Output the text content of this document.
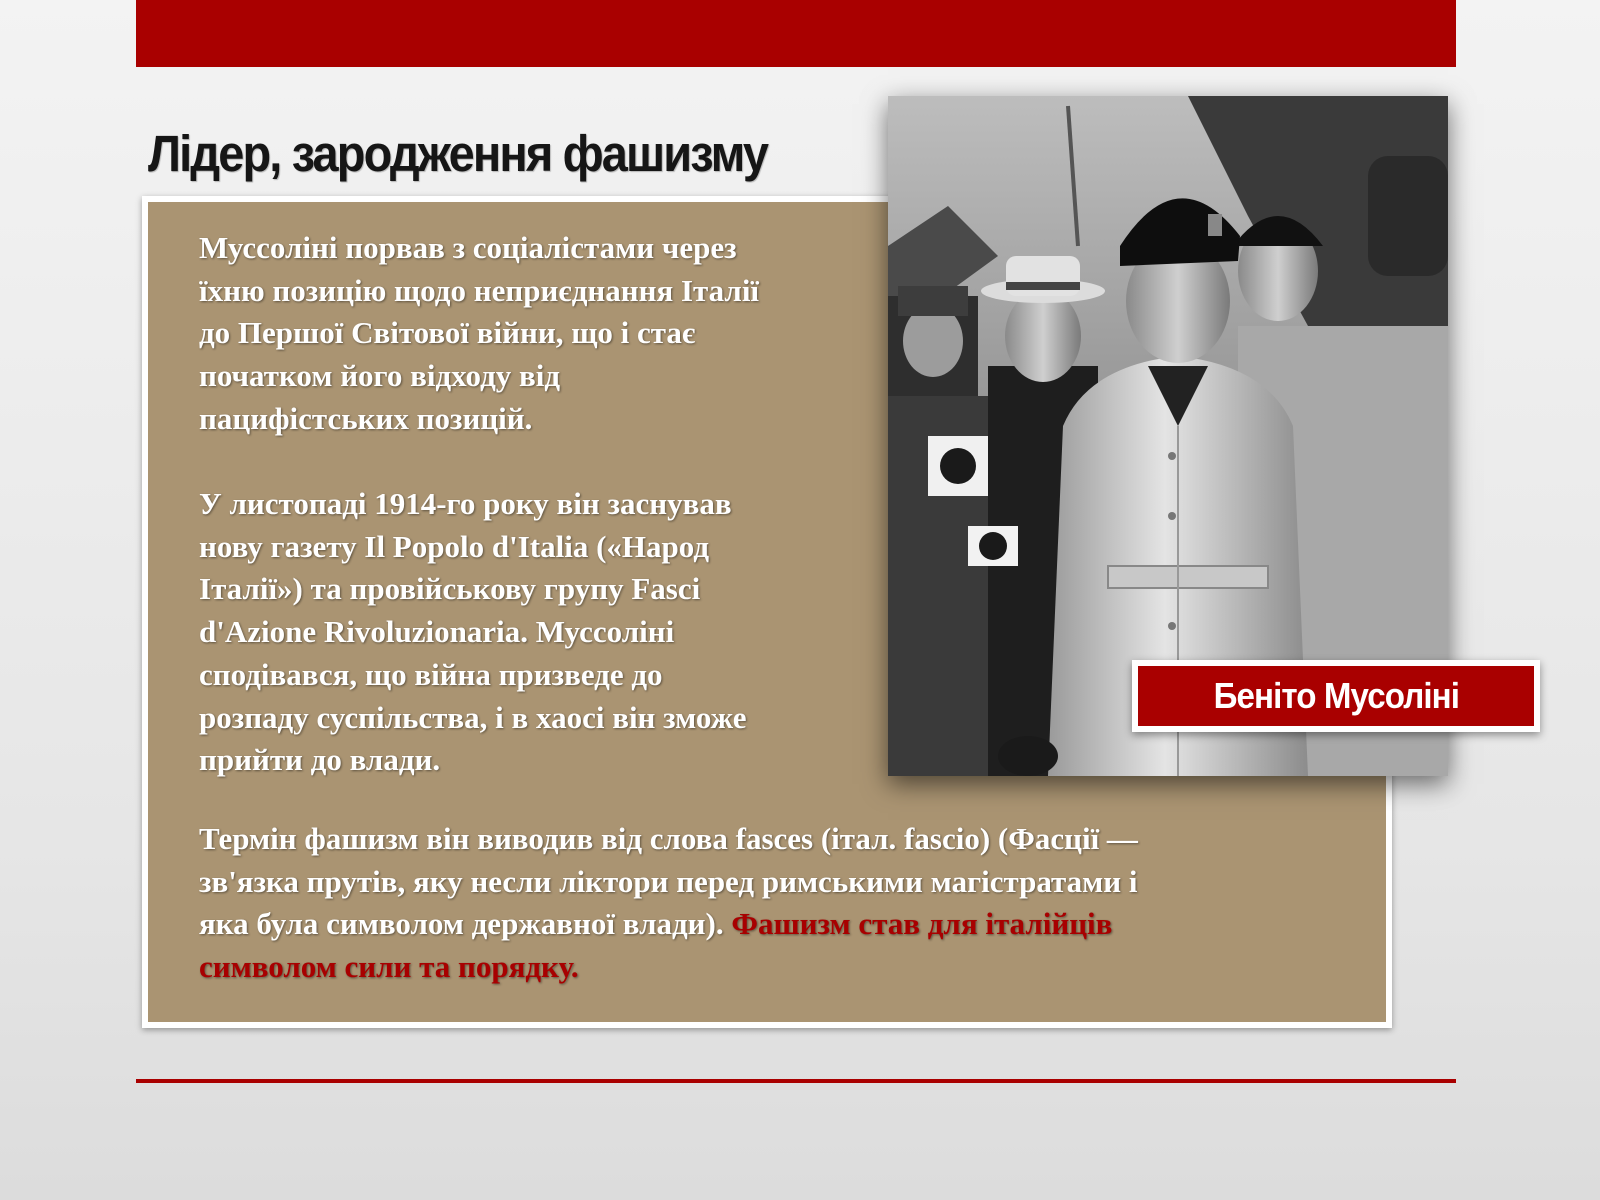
Лідер, зародження фашизму
Муссоліні порвав з соціалістами через
їхню позицію щодо неприєднання Італії
до Першої Світової війни, що і стає
початком його відходу від
пацифістських позицій.
У листопаді 1914-го року він заснував
нову газету Il Popolo d'Italia («Народ
Італії») та провійськову групу Fasci
d'Azione Rivoluzionaria. Муссоліні
сподівався, що війна призведе до
розпаду суспільства, і в хаосі він зможе
прийти до влади.
Термін фашизм він виводив від слова fasces (італ. fascio) (Фасції —
зв'язка прутів, яку несли ліктори перед римськими магістратами і
яка була символом державної влади). Фашизм став для італійців
символом сили та порядку.
Беніто Мусоліні
